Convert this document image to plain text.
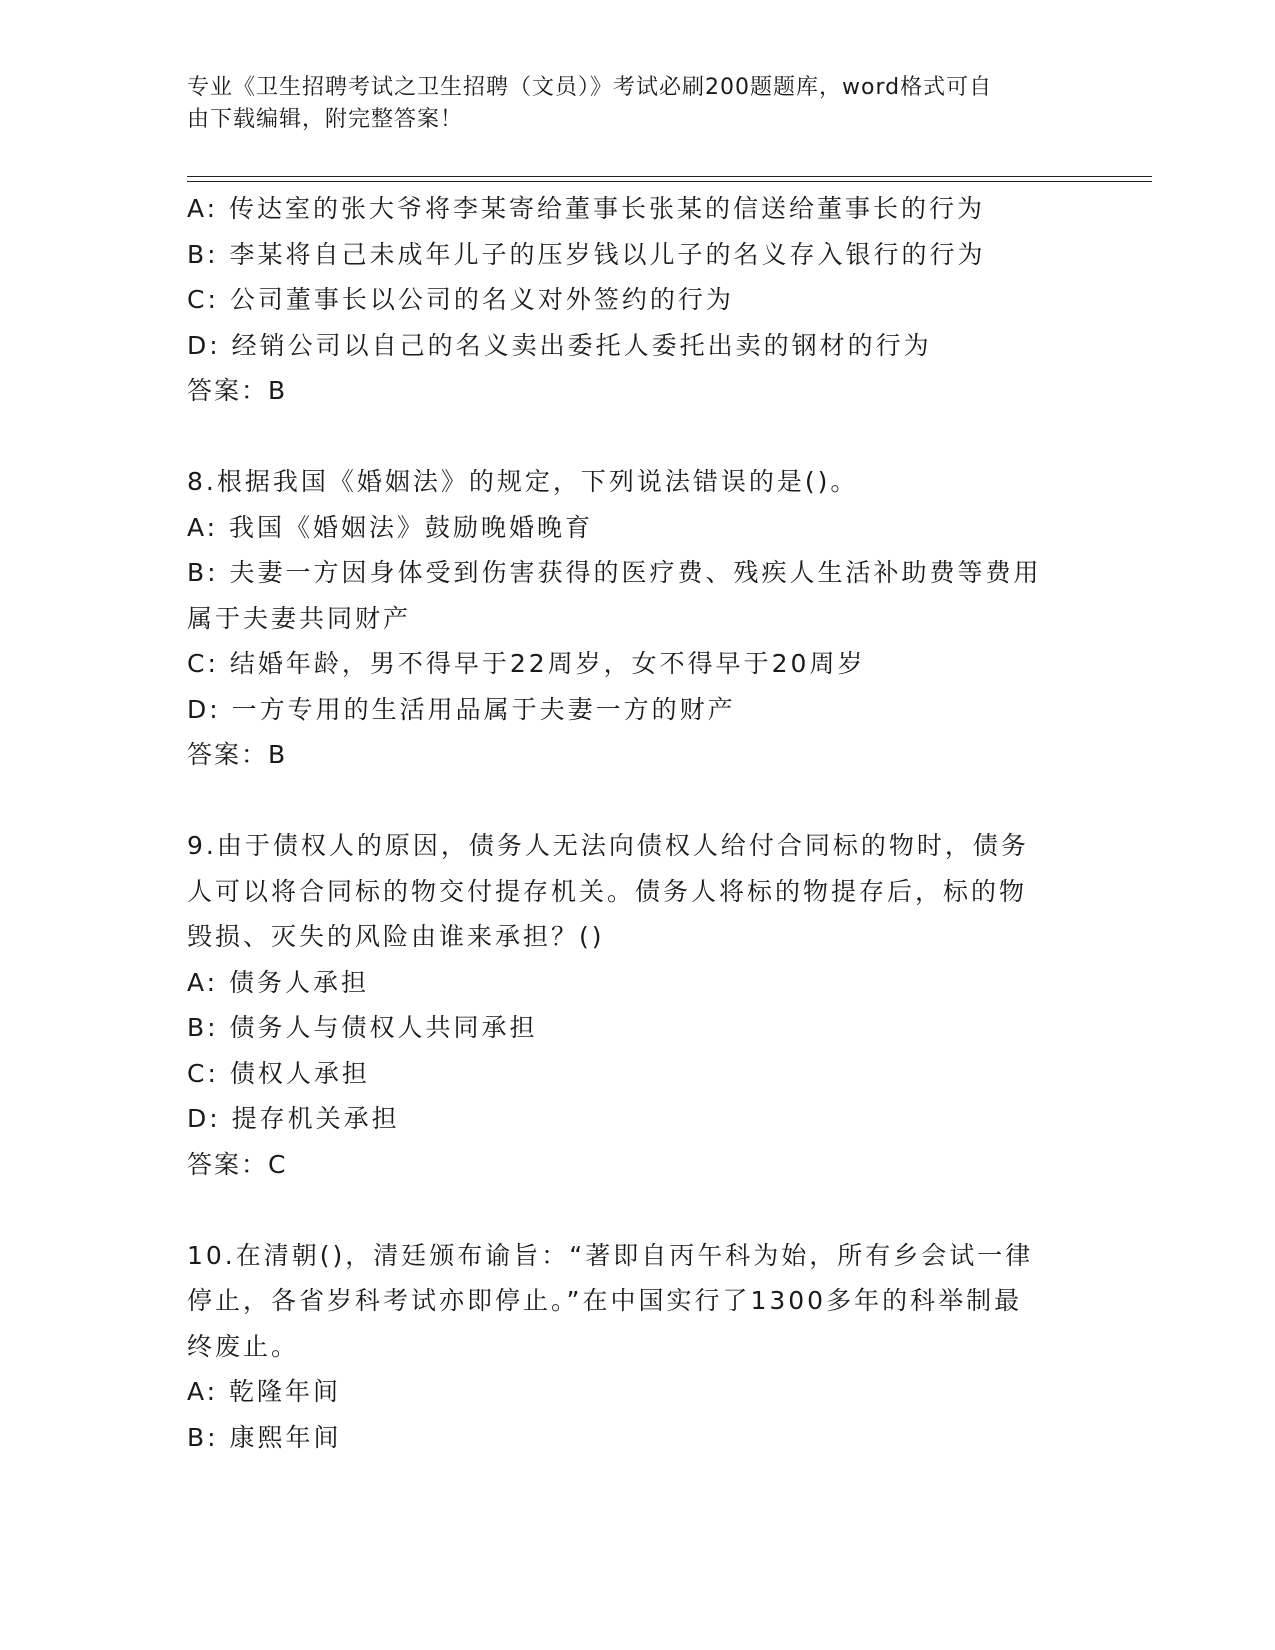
专业《卫生招聘考试之卫生招聘（文员）》考试必刷200题题库，word格式可自
由下载编辑，附完整答案！
A: 传达室的张大爷将李某寄给董事长张某的信送给董事长的行为
B: 李某将自己未成年儿子的压岁钱以儿子的名义存入银行的行为
C: 公司董事长以公司的名义对外签约的行为
D: 经销公司以自己的名义卖出委托人委托出卖的钢材的行为
答案：B
8.根据我国《婚姻法》的规定，下列说法错误的是()。
A: 我国《婚姻法》鼓励晚婚晚育
B: 夫妻一方因身体受到伤害获得的医疗费、残疾人生活补助费等费用
属于夫妻共同财产
C: 结婚年龄，男不得早于22周岁，女不得早于20周岁
D: 一方专用的生活用品属于夫妻一方的财产
答案：B
9.由于债权人的原因，债务人无法向债权人给付合同标的物时，债务
人可以将合同标的物交付提存机关。债务人将标的物提存后，标的物
毁损、灭失的风险由谁来承担？()
A: 债务人承担
B: 债务人与债权人共同承担
C: 债权人承担
D: 提存机关承担
答案：C
10.在清朝()，清廷颁布谕旨：“著即自丙午科为始，所有乡会试一律
停止，各省岁科考试亦即停止。”在中国实行了1300多年的科举制最
终废止。
A: 乾隆年间
B: 康熙年间
